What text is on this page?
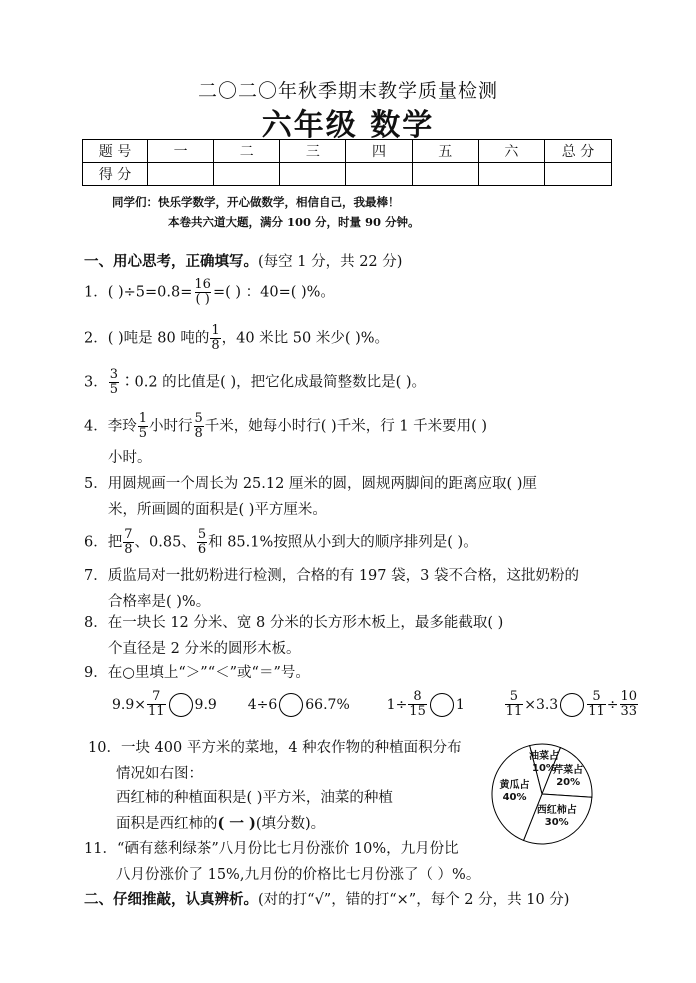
二〇二〇年秋季期末教学质量检测
六年级 数学
题 号	一	二	三	四	五	六	总 分
得 分							
同学们：快乐学数学，开心做数学，相信自己，我最棒！
本卷共六道大题，满分 100 分，时量 90 分钟。
一、用心思考，正确填写。(每空 1 分，共 22 分)
1．( )$\div 5=0.8= \frac{16}{( )}$ =( ) ：40=( )%。
2．( )吨是 80 吨的 $\frac{1}{8}$ ，40 米比 50 米少( )%。
3． $\frac{3}{5}$ ∶0.2 的比值是( )，把它化成最简整数比是( )。
4．李玲 $\frac{1}{5}$ 小时行 $\frac{5}{8}$ 千米，她每小时行( )千米，行 1 千米要用( )
小时。
5．用圆规画一个周长为 25.12 厘米的圆，圆规两脚间的距离应取( )厘
米，所画圆的面积是( )平方厘米。
6．把 $\frac{7}{8}$ 、0.85、 $\frac{5}{6}$ 和 85.1%按照从小到大的顺序排列是( )。
7．质监局对一批奶粉进行检测，合格的有 197 袋，3 袋不合格，这批奶粉的
合格率是( )%。
8．在一块长 12 分米、宽 8 分米的长方形木板上，最多能截取( )
个直径是 2 分米的圆形木板。
9．在○里填上“＞”“＜”或“＝”号。
$9.9\times \frac{7}{11} 9.9$ 4÷6 66.7%	$1\div \frac{8}{15} 1$	$\frac{5}{11} \times 3.3 \frac{5}{11} \div \frac{10}{33}$
10．一块 400 平方米的菜地，4 种农作物的种植面积分布
情况如右图：
西红柿的种植面积是( )平方米，油菜的种植
面积是西红柿的( 一 )(填分数)。
黄瓜占
40%
油菜占
10%
芹菜占
20%
西红柿占
30%
11．“硒有慈利绿茶”八月份比七月份涨价 10%，九月份比
八月份涨价了 15%,九月份的价格比七月份涨了（ ）%。
二、仔细推敲，认真辨析。(对的打“√”，错的打“×”，每个 2 分，共 10 分)
